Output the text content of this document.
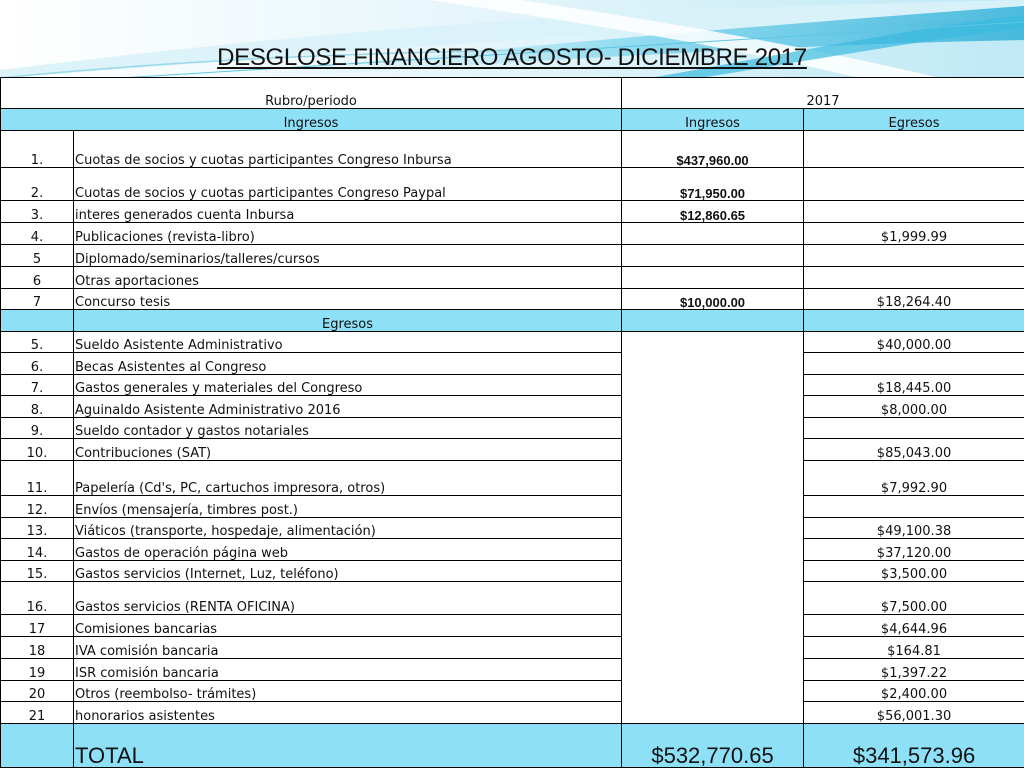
DESGLOSE FINANCIERO AGOSTO- DICIEMBRE 2017
Rubro/periodo		2017	
Ingresos		Ingresos	Egresos
1.	Cuotas de socios y cuotas participantes Congreso Inbursa	$437,960.00	
2.	Cuotas de socios y cuotas participantes Congreso Paypal	$71,950.00	
3.	interes generados cuenta Inbursa	$12,860.65	
4.	Publicaciones (revista-libro)		$1,999.99
5	Diplomado/seminarios/talleres/cursos		
6	Otras aportaciones		
7	Concurso tesis	$10,000.00	$18,264.40
	Egresos		
5.	Sueldo Asistente Administrativo		$40,000.00
6.	Becas Asistentes al Congreso		
7.	Gastos generales y materiales del Congreso		$18,445.00
8.	Aguinaldo Asistente Administrativo 2016		$8,000.00
9.	Sueldo contador y gastos notariales		
10.	Contribuciones (SAT)		$85,043.00
11.	Papelería (Cd's, PC, cartuchos impresora, otros)		$7,992.90
12.	Envíos (mensajería, timbres post.)		
13.	Viáticos (transporte, hospedaje, alimentación)		$49,100.38
14.	Gastos de operación página web		$37,120.00
15.	Gastos servicios (Internet, Luz, teléfono)		$3,500.00
16.	Gastos servicios (RENTA OFICINA)		$7,500.00
17	Comisiones bancarias		$4,644.96
18	IVA comisión bancaria		$164.81
19	ISR comisión bancaria		$1,397.22
20	Otros (reembolso- trámites)		$2,400.00
21	honorarios asistentes		$56,001.30
	TOTAL	$532,770.65	$341,573.96
